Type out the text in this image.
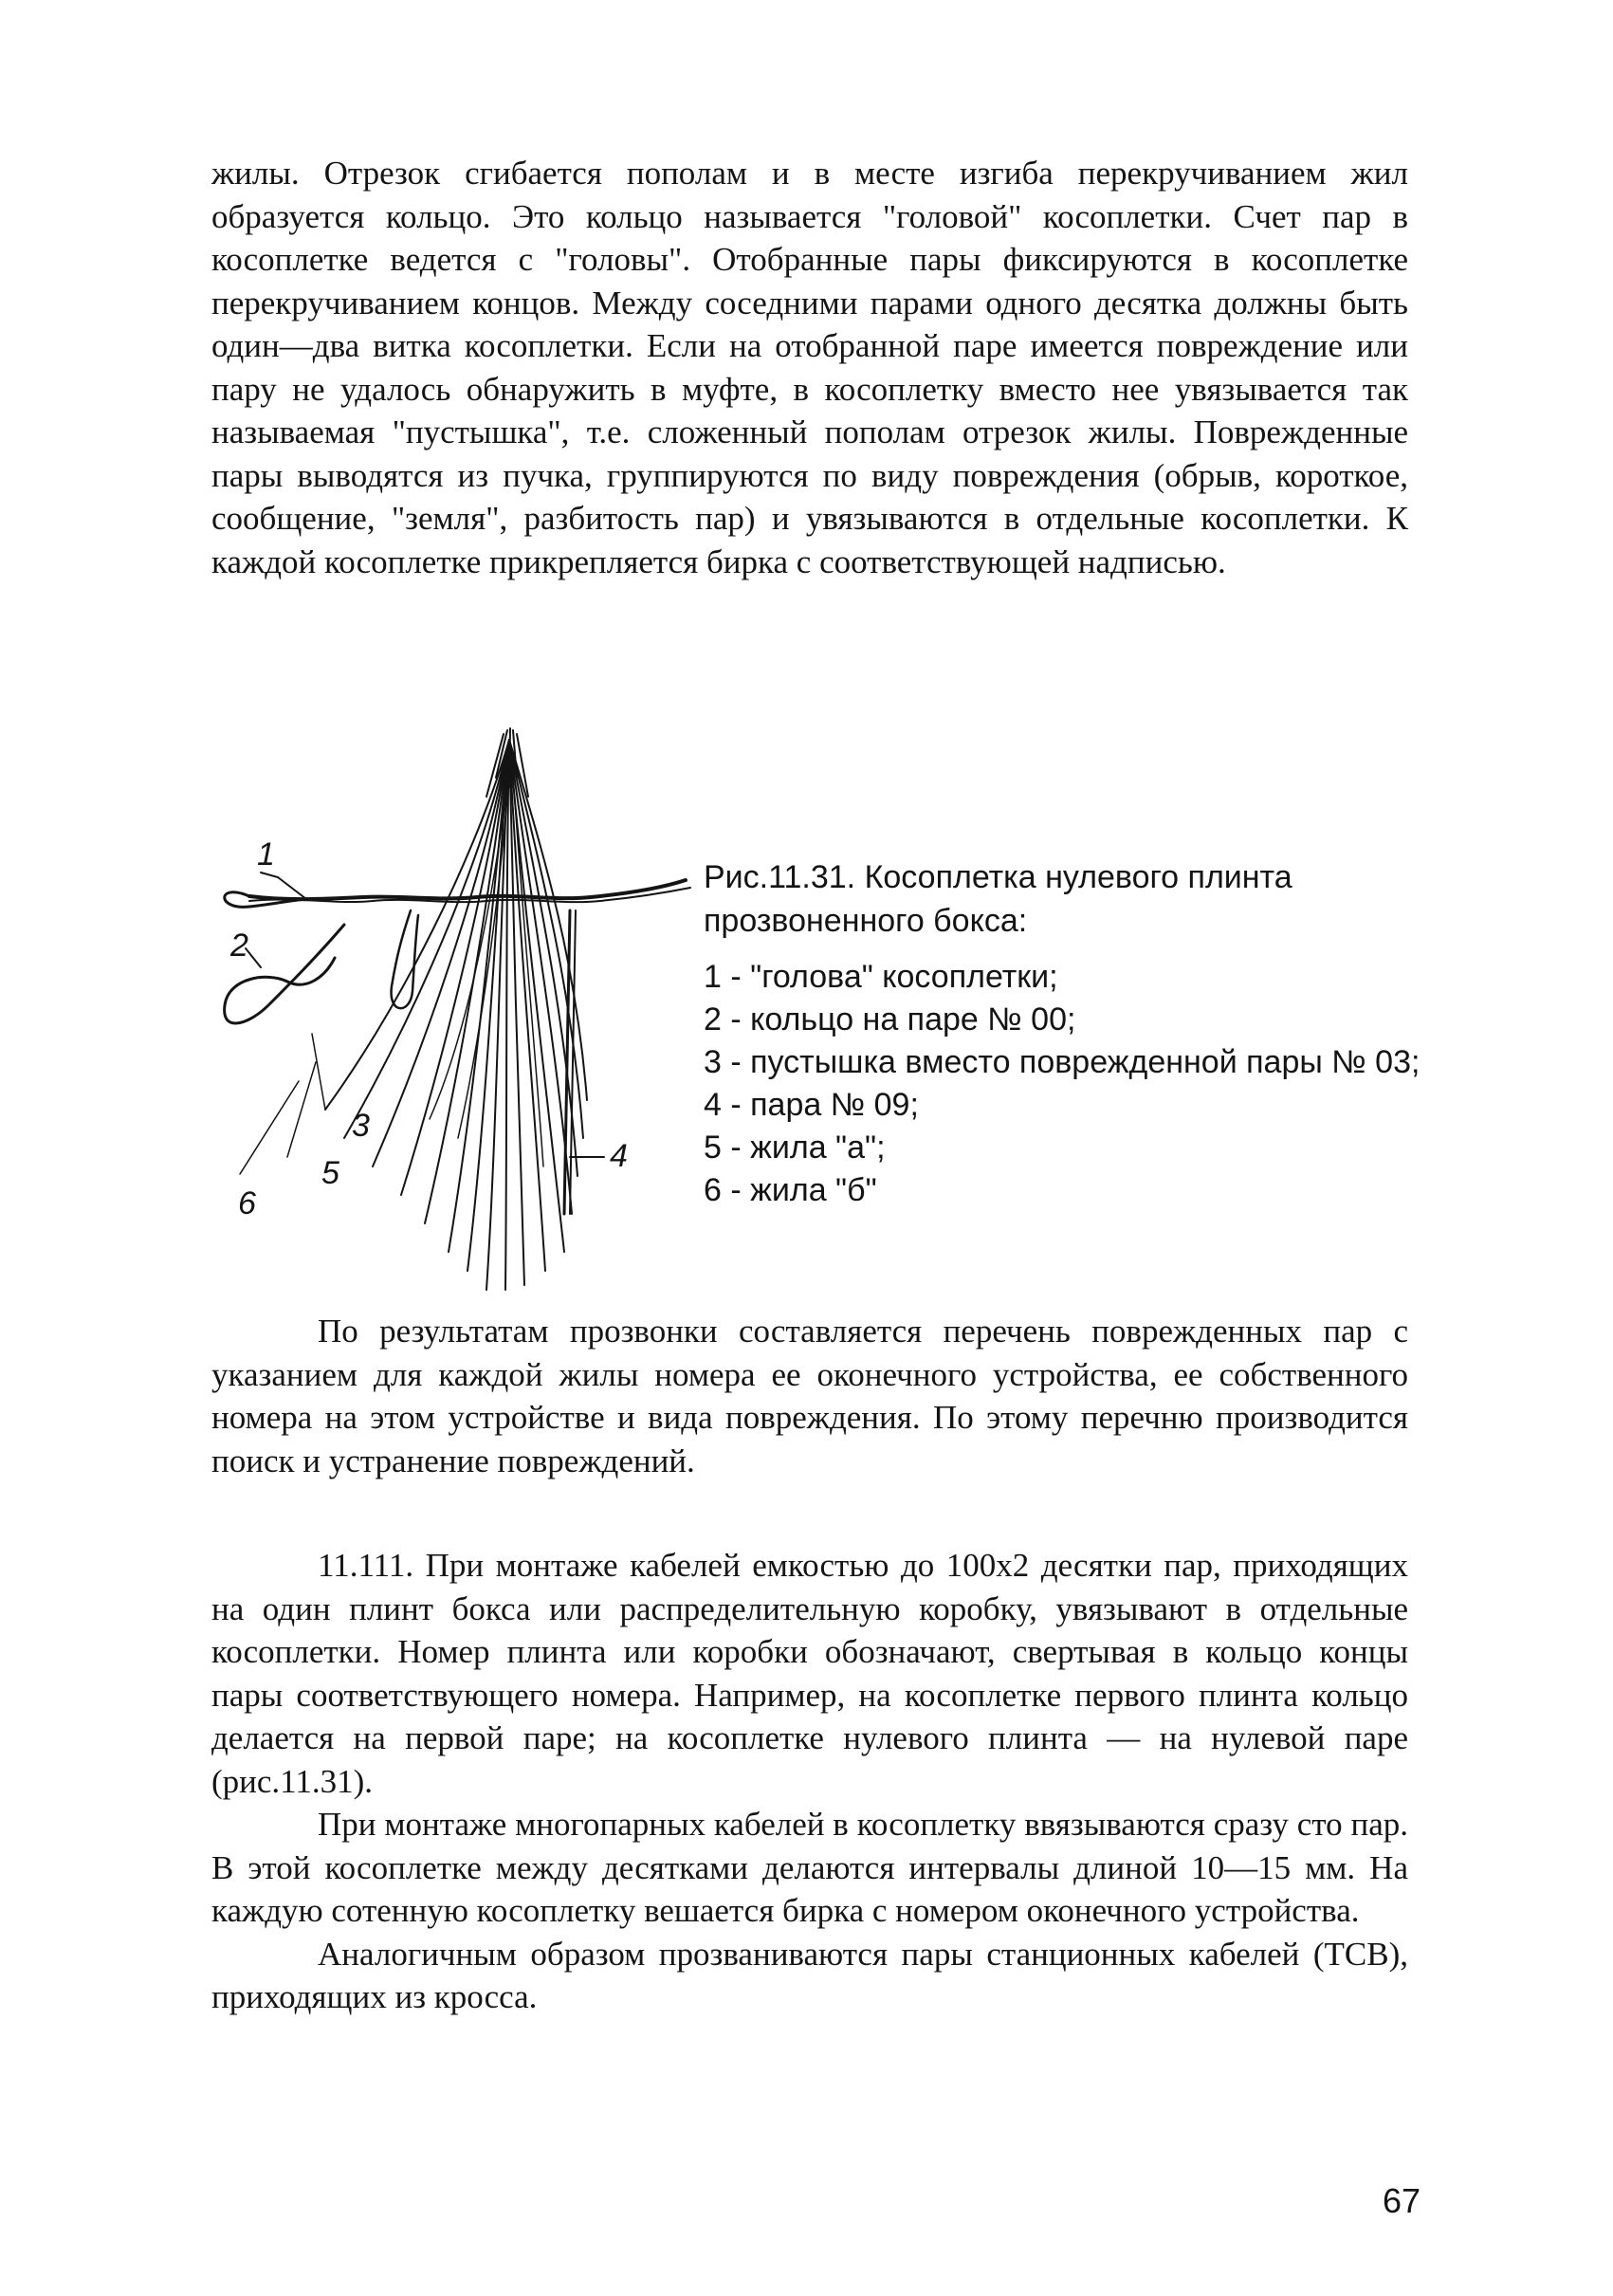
жилы. Отрезок сгибается пополам и в месте изгиба перекручиванием жил образуется кольцо. Это кольцо называется "головой" косоплетки. Счет пар в косоплетке ведется с "головы". Отобранные пары фиксируются в косоплетке перекручиванием концов. Между соседними парами одного десятка должны быть один—два витка косоплетки. Если на отобранной паре имеется повреждение или пару не удалось обнаружить в муфте, в косоплетку вместо нее увязывается так называемая "пустышка", т.е. сложенный пополам отрезок жилы. Поврежденные пары выводятся из пучка, группируются по виду повреждения (обрыв, короткое, сообщение, "земля", разбитость пар) и увязываются в отдельные косоплетки. К каждой косоплетке прикрепляется бирка с соответствующей надписью.

1
2
3
4
5
6

Рис.11.31. Косоплетка нулевого плинта прозвоненного бокса:

1 - "голова" косоплетки;
2 - кольцо на паре № 00;
3 - пустышка вместо поврежденной пары № 03;
4 - пара № 09;
5 - жила "а";
6 - жила "б"

По результатам прозвонки составляется перечень поврежденных пар с указанием для каждой жилы номера ее оконечного устройства, ее собственного номера на этом устройстве и вида повреждения. По этому перечню производится поиск и устранение повреждений.

11.111. При монтаже кабелей емкостью до 100х2 десятки пар, приходящих на один плинт бокса или распределительную коробку, увязывают в отдельные косоплетки. Номер плинта или коробки обозначают, свертывая в кольцо концы пары соответствующего номера. Например, на косоплетке первого плинта кольцо делается на первой паре; на косоплетке нулевого плинта — на нулевой паре (рис.11.31).

При монтаже многопарных кабелей в косоплетку ввязываются сразу сто пар. В этой косоплетке между десятками делаются интервалы длиной 10—15 мм. На каждую сотенную косоплетку вешается бирка с номером оконечного устройства.

Аналогичным образом прозваниваются пары станционных кабелей (ТСВ), приходящих из кросса.

67
